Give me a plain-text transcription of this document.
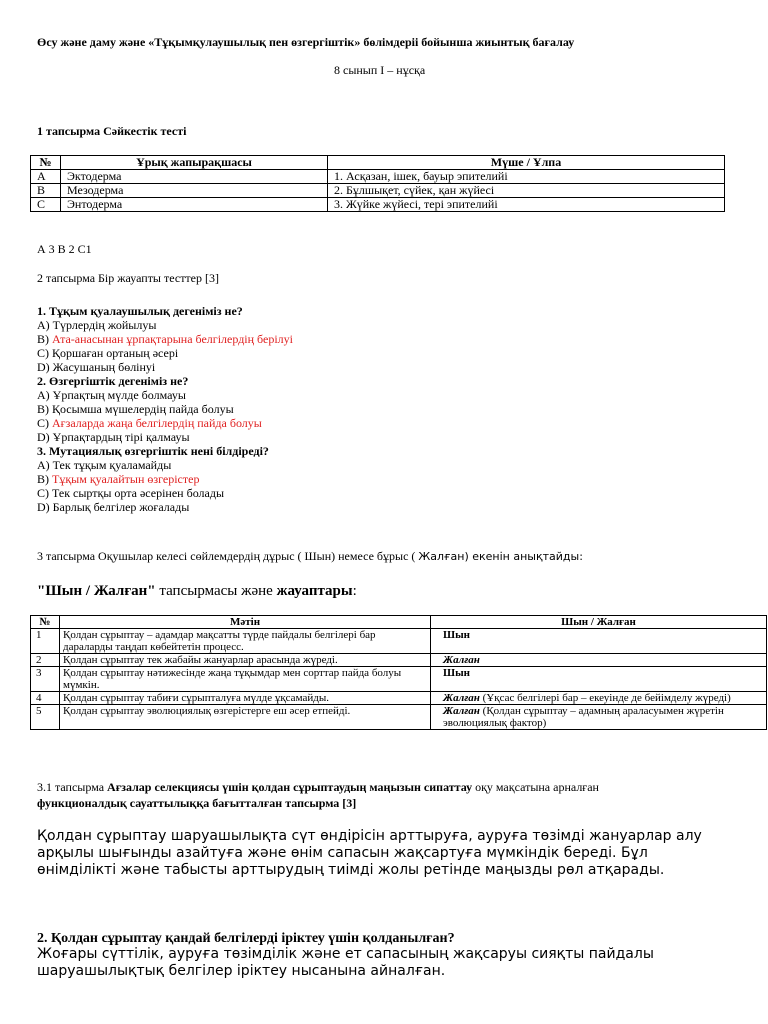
Өсу және даму және «Тұқымқулаушылық пен өзгергіштік» бөлімдеріі бойынша жиынтық бағалау
8 сынып I – нұсқа
1 тапсырма Сәйкестік тесті
№	Ұрық жапырақшасы	Мүше / Ұлпа
A	Эктодерма	1. Асқазан, ішек, бауыр эпителийі
B	Мезодерма	2. Бұлшықет, сүйек, қан жүйесі
C	Энтодерма	3. Жүйке жүйесі, тері эпителийі
А 3 В 2 С1
2 тапсырма Бір жауапты тесттер [3]
1. Тұқым қуалаушылық дегеніміз не?
A) Түрлердің жойылуы
B) Ата-анасынан ұрпақтарына белгілердің берілуі
C) Қоршаған ортаның әсері
D) Жасушаның бөлінуі
2. Өзгергіштік дегеніміз не?
A) Ұрпақтың мүлде болмауы
B) Қосымша мүшелердің пайда болуы
C) Ағзаларда жаңа белгілердің пайда болуы
D) Ұрпақтардың тірі қалмауы
3. Мутациялық өзгергіштік нені білдіреді?
A) Тек тұқым қуаламайды
B) Тұқым қуалайтын өзгерістер
C) Тек сыртқы орта әсерінен болады
D) Барлық белгілер жоғалады
3 тапсырма Оқушылар келесі сөйлемдердің дұрыс ( Шын) немесе бұрыс ( Жалған) екенін анықтайды:
"Шын / Жалған" тапсырмасы және жауаптары:
№	Мәтін	Шын / Жалған
1	Қолдан сұрыптау – адамдар мақсатты түрде пайдалы белгілері бар дараларды таңдап көбейтетін процесс.	Шын
2	Қолдан сұрыптау тек жабайы жануарлар арасында жүреді.	Жалған
3	Қолдан сұрыптау нәтижесінде жаңа тұқымдар мен сорттар пайда болуы мүмкін.	Шын
4	Қолдан сұрыптау табиғи сұрыпталуға мүлде ұқсамайды.	Жалған (Ұқсас белгілері бар – екеуінде де бейімделу жүреді)
5	Қолдан сұрыптау эволюциялық өзгерістерге еш әсер етпейді.	Жалған (Қолдан сұрыптау – адамның араласуымен жүретін эволюциялық фактор)
3.1 тапсырма Ағзалар селекциясы үшін қолдан сұрыптаудың маңызын сипаттау оқу мақсатына арналған
функционалдық сауаттылыққа бағытталған тапсырма [3]
Қолдан сұрыптау шаруашылықта сүт өндірісін арттыруға, ауруға төзімді жануарлар алу арқылы шығынды азайтуға және өнім сапасын жақсартуға мүмкіндік береді. Бұл өнімділікті және табысты арттырудың тиімді жолы ретінде маңызды рөл атқарады.
2. Қолдан сұрыптау қандай белгілерді іріктеу үшін қолданылған?
Жоғары сүттілік, ауруға төзімділік және ет сапасының жақсаруы сияқты пайдалы шаруашылықтық белгілер іріктеу нысанына айналған.
